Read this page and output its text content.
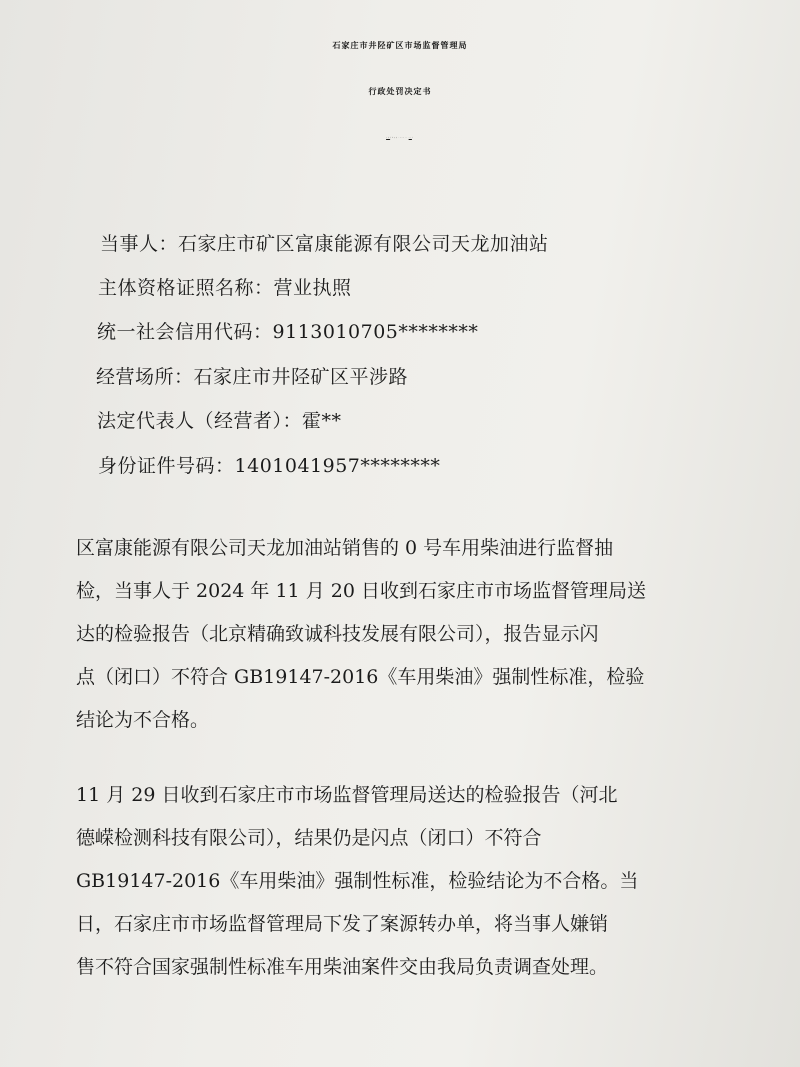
石家庄市井陉矿区市场监督管理局
行政处罚决定书
石矿市监处罚〔2024〕30号
当事人：石家庄市矿区富康能源有限公司天龙加油站
主体资格证照名称：营业执照
统一社会信用代码：9113010705********
经营场所：石家庄市井陉矿区平涉路
法定代表人（经营者）：霍**
身份证件号码：1401041957********
区富康能源有限公司天龙加油站销售的 0 号车用柴油进行监督抽
检，当事人于 2024 年 11 月 20 日收到石家庄市市场监督管理局送
达的检验报告（北京精确致诚科技发展有限公司），报告显示闪
点（闭口）不符合 GB19147-2016《车用柴油》强制性标准，检验
结论为不合格。
11 月 29 日收到石家庄市市场监督管理局送达的检验报告（河北
德嵘检测科技有限公司），结果仍是闪点（闭口）不符合
GB19147-2016《车用柴油》强制性标准，检验结论为不合格。当
日，石家庄市市场监督管理局下发了案源转办单，将当事人嫌销
售不符合国家强制性标准车用柴油案件交由我局负责调查处理。
